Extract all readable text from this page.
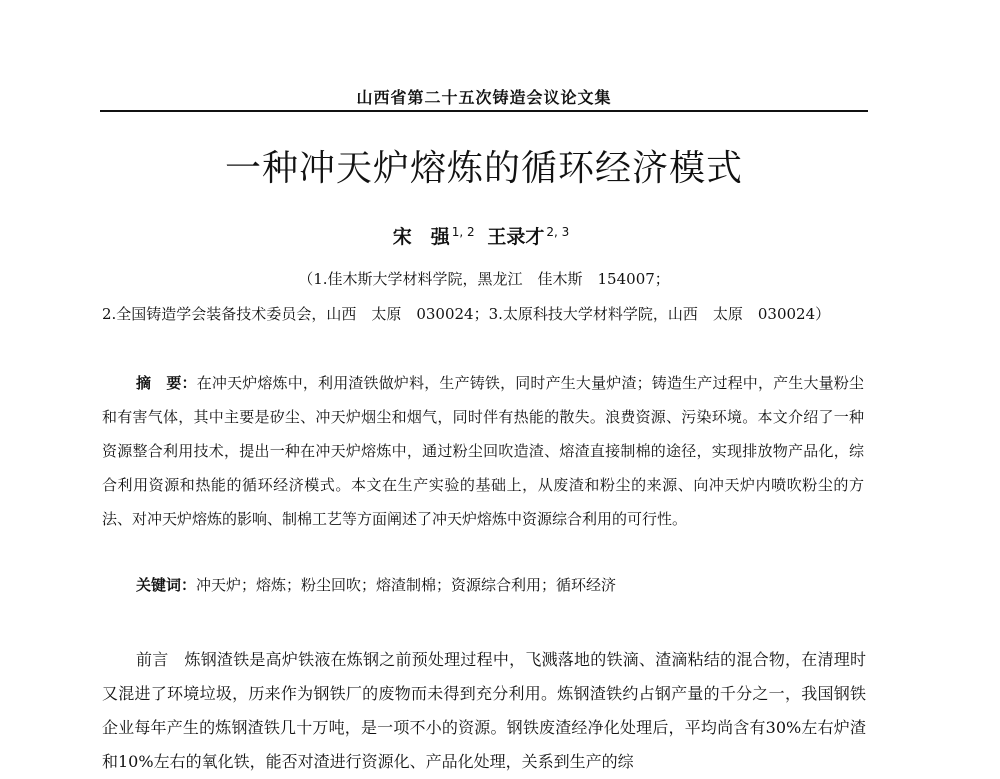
山西省第二十五次铸造会议论文集
一种冲天炉熔炼的循环经济模式
宋　强 $^{1, 2}$ 王录才 $^{2, 3}$
（1.佳木斯大学材料学院，黑龙江　佳木斯　154007；
2.全国铸造学会装备技术委员会，山西　太原　030024；3.太原科技大学材料学院，山西　太原　030024）
摘　要：在冲天炉熔炼中，利用渣铁做炉料，生产铸铁，同时产生大量炉渣；铸造生产过程中，产生大量粉尘和有害气体，其中主要是矽尘、冲天炉烟尘和烟气，同时伴有热能的散失。浪费资源、污染环境。本文介绍了一种资源整合利用技术，提出一种在冲天炉熔炼中，通过粉尘回吹造渣、熔渣直接制棉的途径，实现排放物产品化，综合利用资源和热能的循环经济模式。本文在生产实验的基础上，从废渣和粉尘的来源、向冲天炉内喷吹粉尘的方法、对冲天炉熔炼的影响、制棉工艺等方面阐述了冲天炉熔炼中资源综合利用的可行性。
关键词：冲天炉；熔炼；粉尘回吹；熔渣制棉；资源综合利用；循环经济
前言 炼钢渣铁是高炉铁液在炼钢之前预处理过程中，飞溅落地的铁滴、渣滴粘结的混合物，在清理时又混进了环境垃圾，历来作为钢铁厂的废物而未得到充分利用。炼钢渣铁约占钢产量的千分之一，我国钢铁企业每年产生的炼钢渣铁几十万吨，是一项不小的资源。钢铁废渣经净化处理后，平均尚含有30%左右炉渣和10%左右的氧化铁，能否对渣进行资源化、产品化处理，关系到生产的综
